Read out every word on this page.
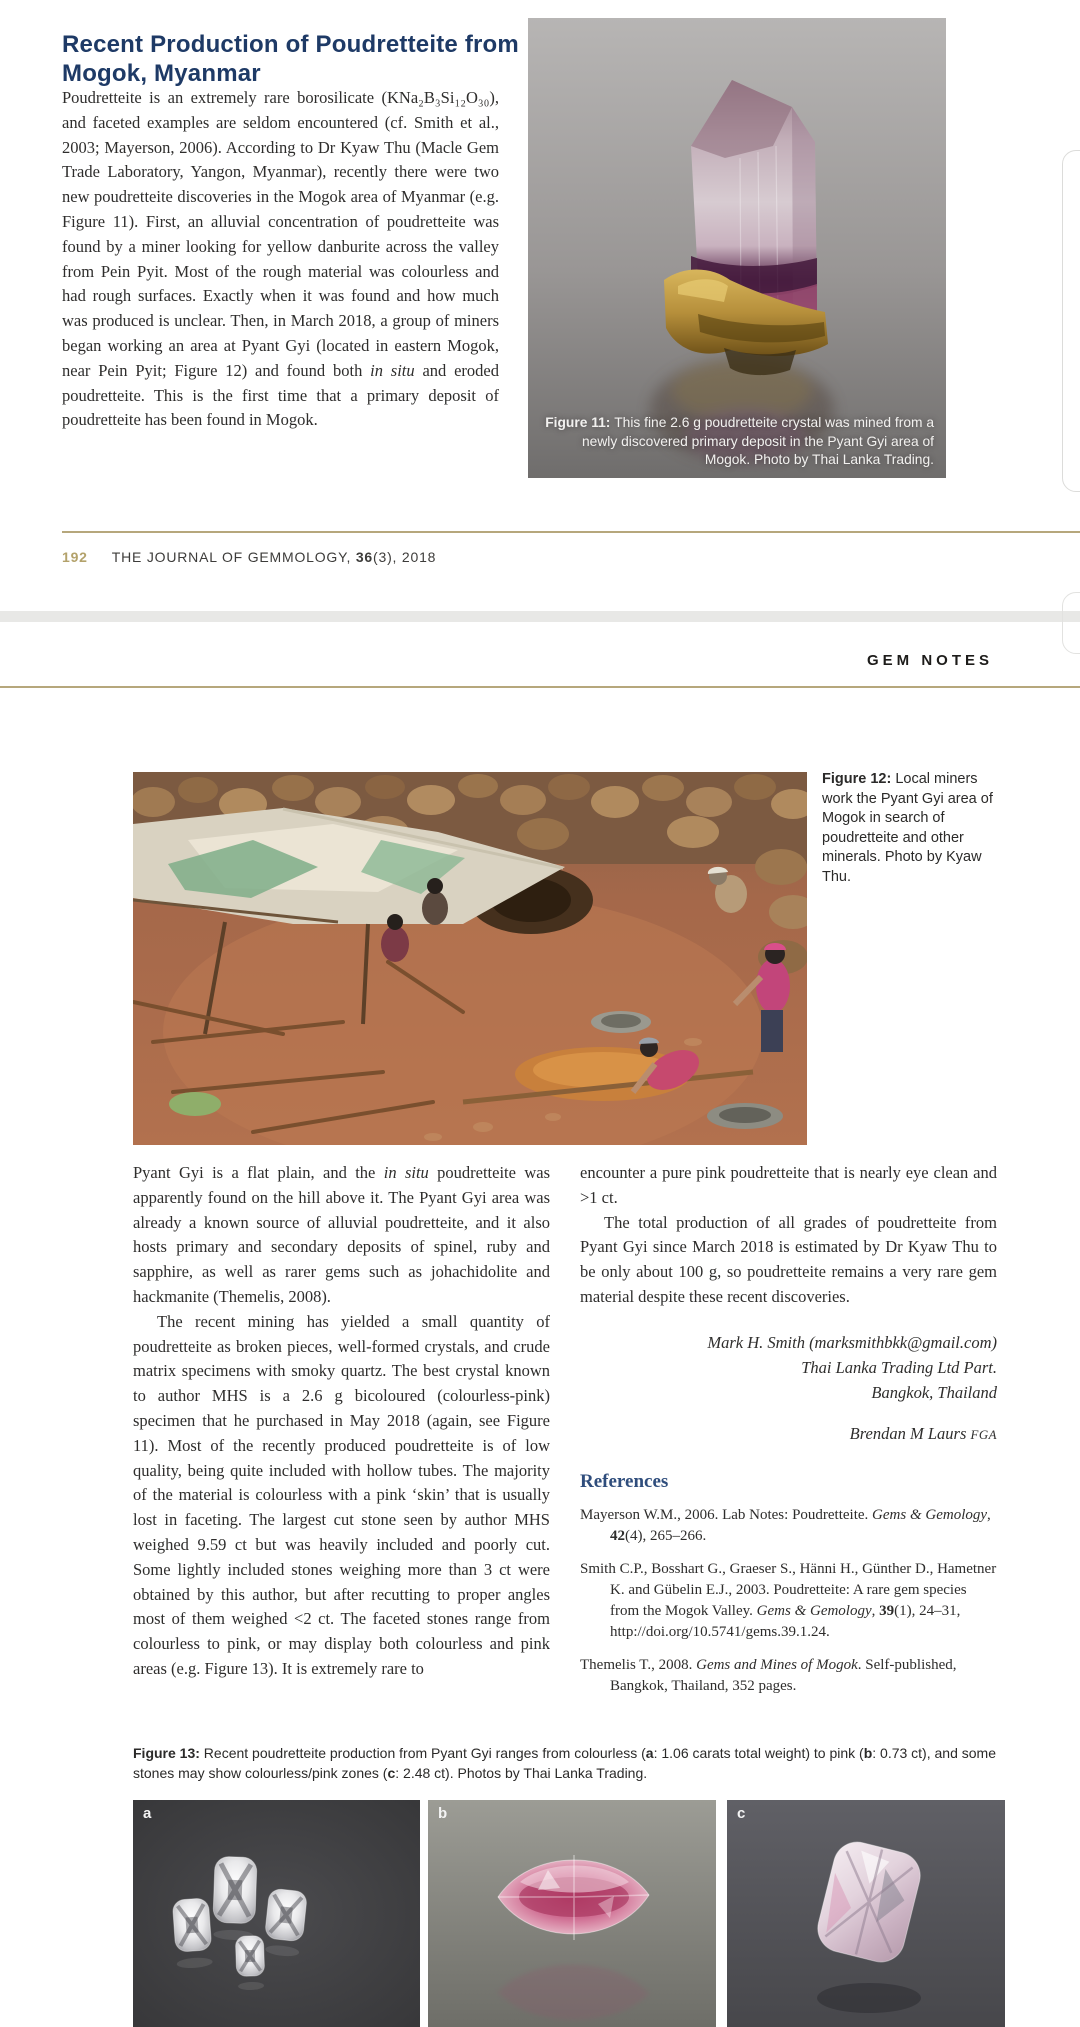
Recent Production of Poudretteite from Mogok, Myanmar
Poudretteite is an extremely rare borosilicate (KNa₂B₃Si₁₂O₃₀), and faceted examples are seldom encountered (cf. Smith et al., 2003; Mayerson, 2006). According to Dr Kyaw Thu (Macle Gem Trade Laboratory, Yangon, Myanmar), recently there were two new poudretteite discoveries in the Mogok area of Myanmar (e.g. Figure 11). First, an alluvial concentration of poudretteite was found by a miner looking for yellow danburite across the valley from Pein Pyit. Most of the rough material was colourless and had rough surfaces. Exactly when it was found and how much was produced is unclear. Then, in March 2018, a group of miners began working an area at Pyant Gyi (located in eastern Mogok, near Pein Pyit; Figure 12) and found both in situ and eroded poudretteite. This is the first time that a primary deposit of poudretteite has been found in Mogok.	Figure 11: This fine 2.6 g poudretteite crystal was mined from a newly discovered primary deposit in the Pyant Gyi area of Mogok. Photo by Thai Lanka Trading.
192 THE JOURNAL OF GEMMOLOGY, 36(3), 2018
GEM NOTES
Figure 12: Local miners work the Pyant Gyi area of Mogok in search of poudretteite and other minerals. Photo by Kyaw Thu.

Pyant Gyi is a flat plain, and the in situ poudretteite was apparently found on the hill above it. The Pyant Gyi area was already a known source of alluvial poudretteite, and it also hosts primary and secondary deposits of spinel, ruby and sapphire, as well as rarer gems such as johachidolite and hackmanite (Themelis, 2008).

The recent mining has yielded a small quantity of poudretteite as broken pieces, well-formed crystals, and crude matrix specimens with smoky quartz. The best crystal known to author MHS is a 2.6 g bicoloured (colourless-pink) specimen that he purchased in May 2018 (again, see Figure 11). Most of the recently produced poudretteite is of low quality, being quite included with hollow tubes. The majority of the material is colourless with a pink ‘skin’ that is usually lost in faceting. The largest cut stone seen by author MHS weighed 9.59 ct but was heavily included and poorly cut. Some lightly included stones weighing more than 3 ct were obtained by this author, but after recutting to proper angles most of them weighed <2 ct. The faceted stones range from colourless to pink, or may display both colourless and pink areas (e.g. Figure 13). It is extremely rare to

encounter a pure pink poudretteite that is nearly eye clean and >1 ct.

The total production of all grades of poudretteite from Pyant Gyi since March 2018 is estimated by Dr Kyaw Thu to be only about 100 g, so poudretteite remains a very rare gem material despite these recent discoveries.

Mark H. Smith (marksmithbkk@gmail.com)
Thai Lanka Trading Ltd Part.
Bangkok, Thailand
Brendan M Laurs FGA
References
Mayerson W.M., 2006. Lab Notes: Poudretteite. Gems & Gemology, 42(4), 265–266.
Smith C.P., Bosshart G., Graeser S., Hänni H., Günther D., Hametner K. and Gübelin E.J., 2003. Poudretteite: A rare gem species from the Mogok Valley. Gems & Gemology, 39(1), 24–31, http://doi.org/10.5741/gems.39.1.24.
Themelis T., 2008. Gems and Mines of Mogok. Self-published, Bangkok, Thailand, 352 pages.
Figure 13: Recent poudretteite production from Pyant Gyi ranges from colourless (a: 1.06 carats total weight) to pink (b: 0.73 ct), and some stones may show colourless/pink zones (c: 2.48 ct). Photos by Thai Lanka Trading.
a	b	c
